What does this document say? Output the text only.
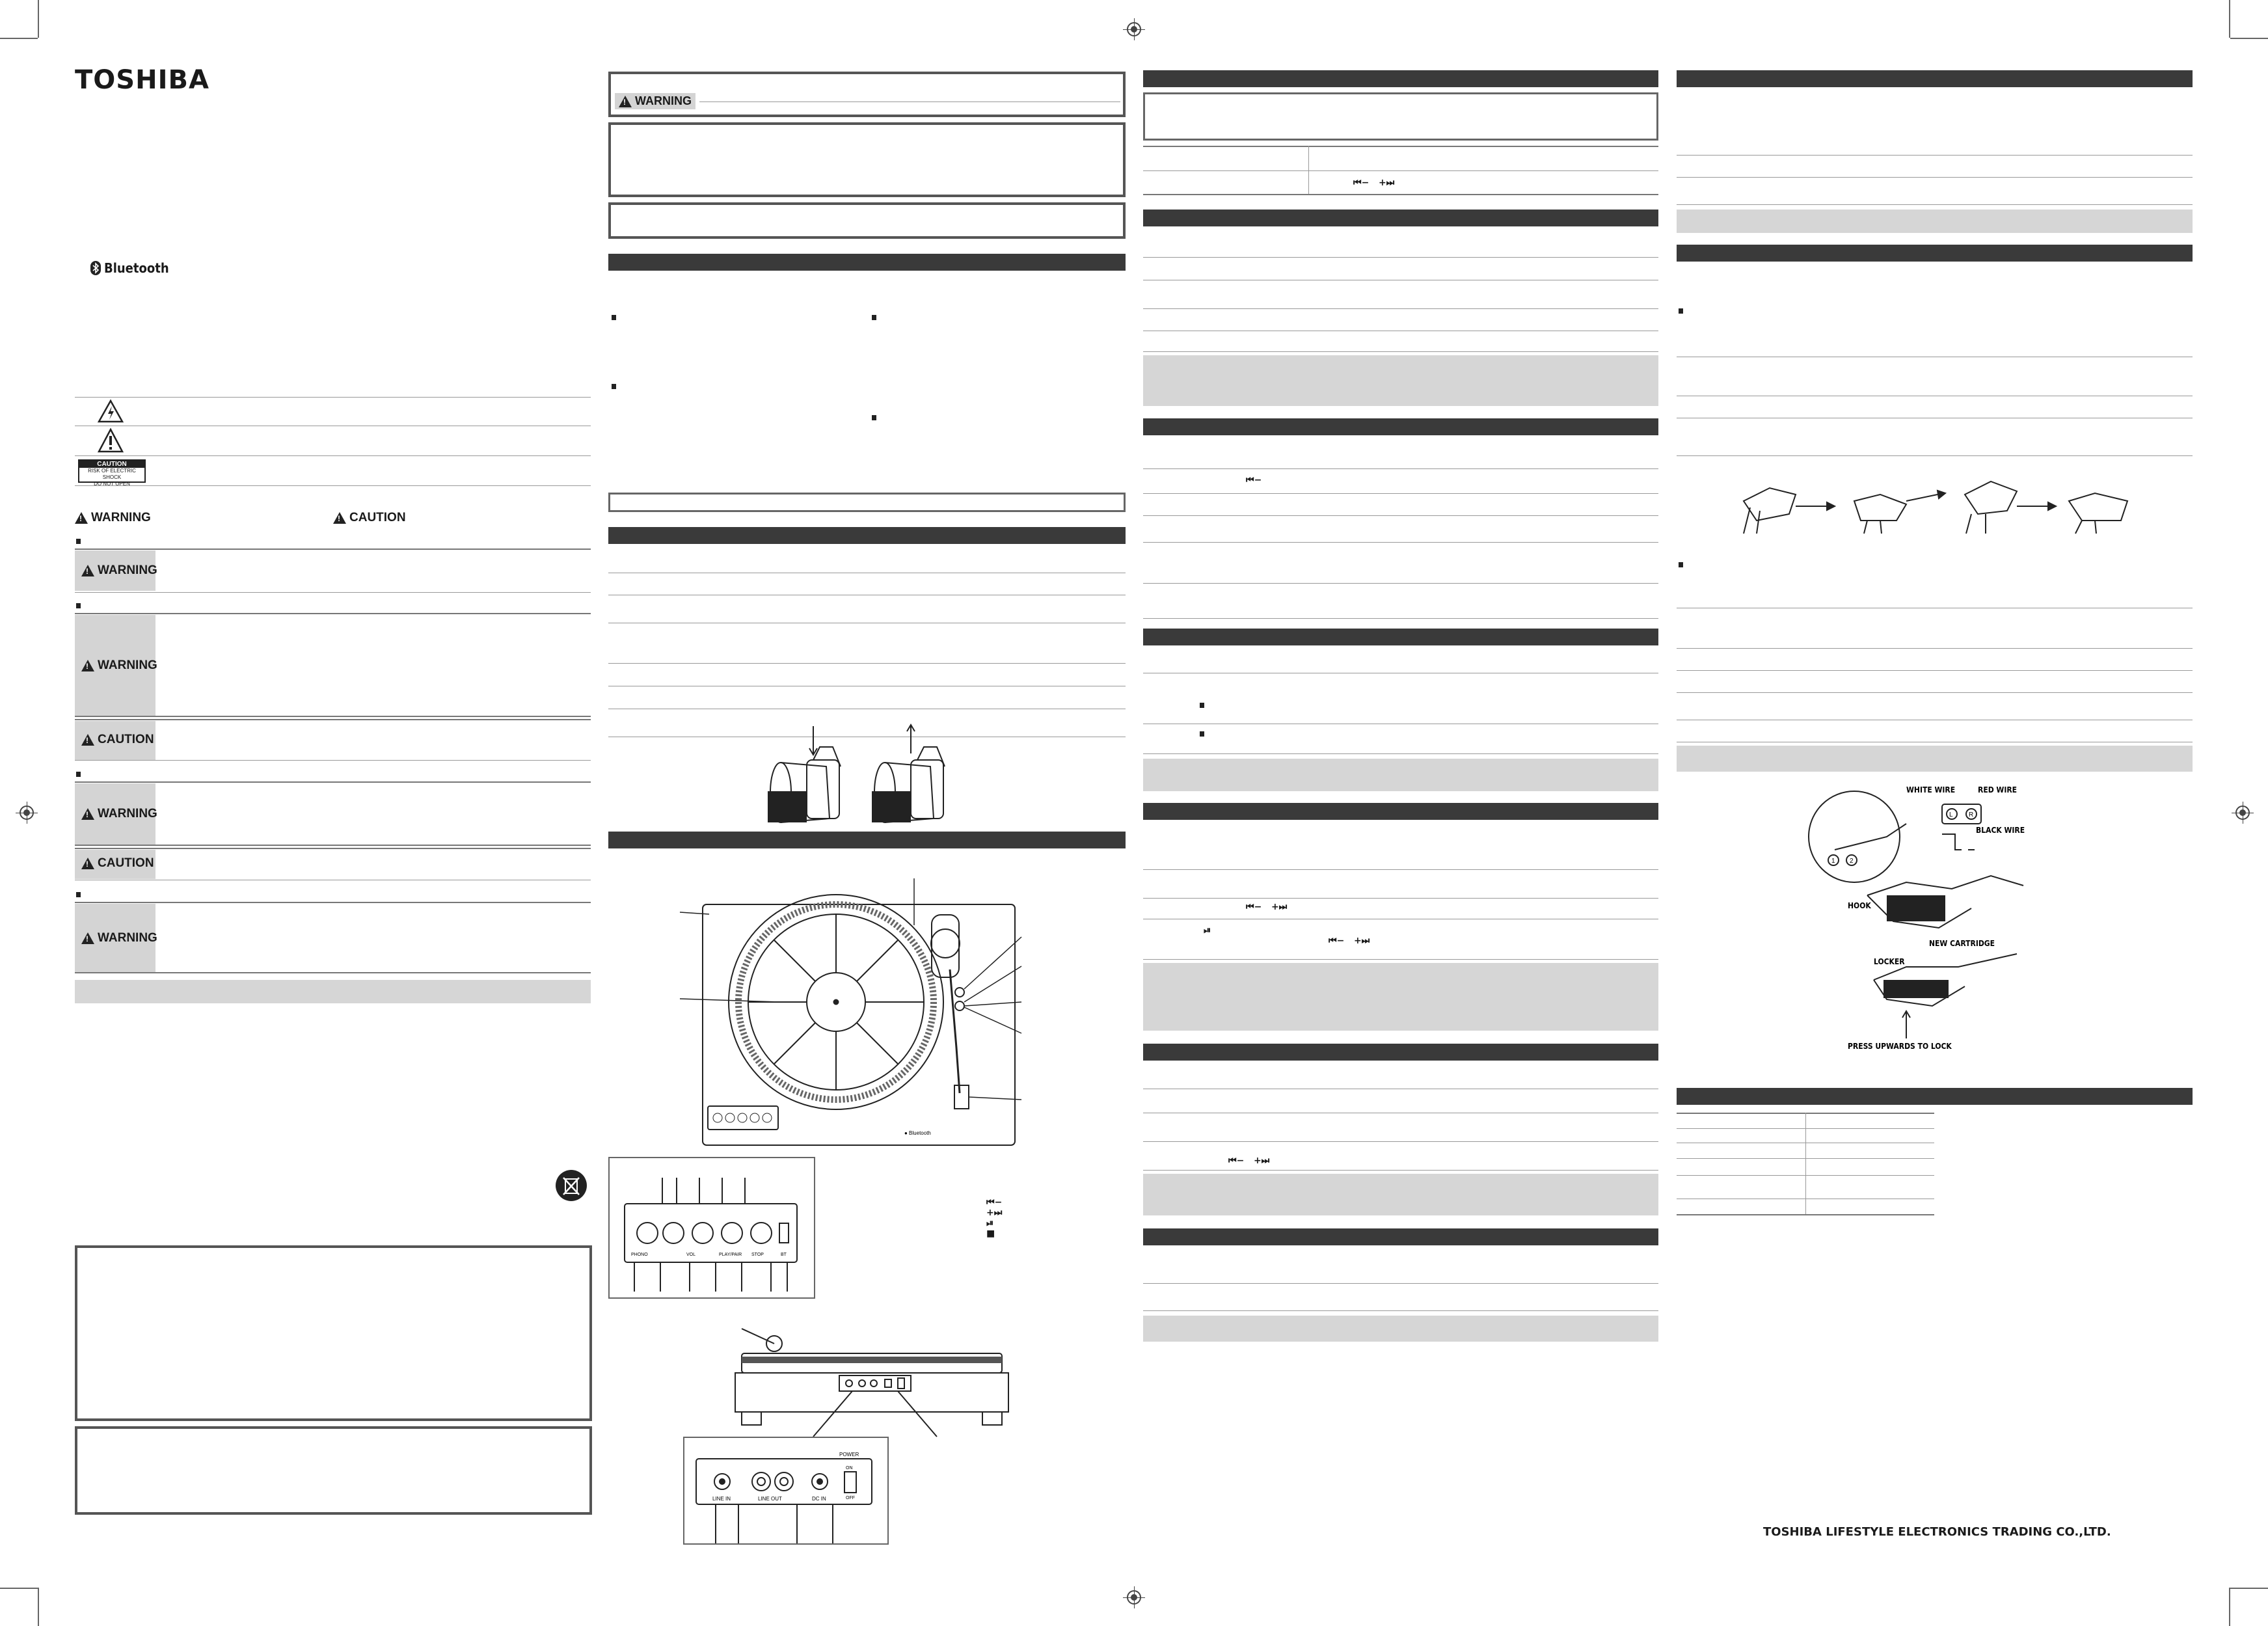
TOSHIBA
Bluetooth
CAUTION
RISK OF ELECTRIC SHOCK
DO NOT OPEN
!
WARNING
!	CAUTION
!
WARNING
!
WARNING
!
CAUTION
!
WARNING
!
CAUTION
!
WARNING
!
WARNING
● Bluetooth
PHONO	PLAY/PAIR STOP	BT
VOL
⏮−
+⏭
⏯
■
LINE IN	LINE OUT	DC IN
POWER
ON
OFF
⏮−   +⏭
⏮−
⏮−   +⏭
⏯
⏮−   +⏭
⏮−   +⏭
WHITE WIRE	RED WIRE
BLACK WIRE
L R
1 2
HOOK
NEW CARTRIDGE
LOCKER
PRESS UPWARDS TO LOCK
TOSHIBA LIFESTYLE ELECTRONICS TRADING CO.,LTD.
